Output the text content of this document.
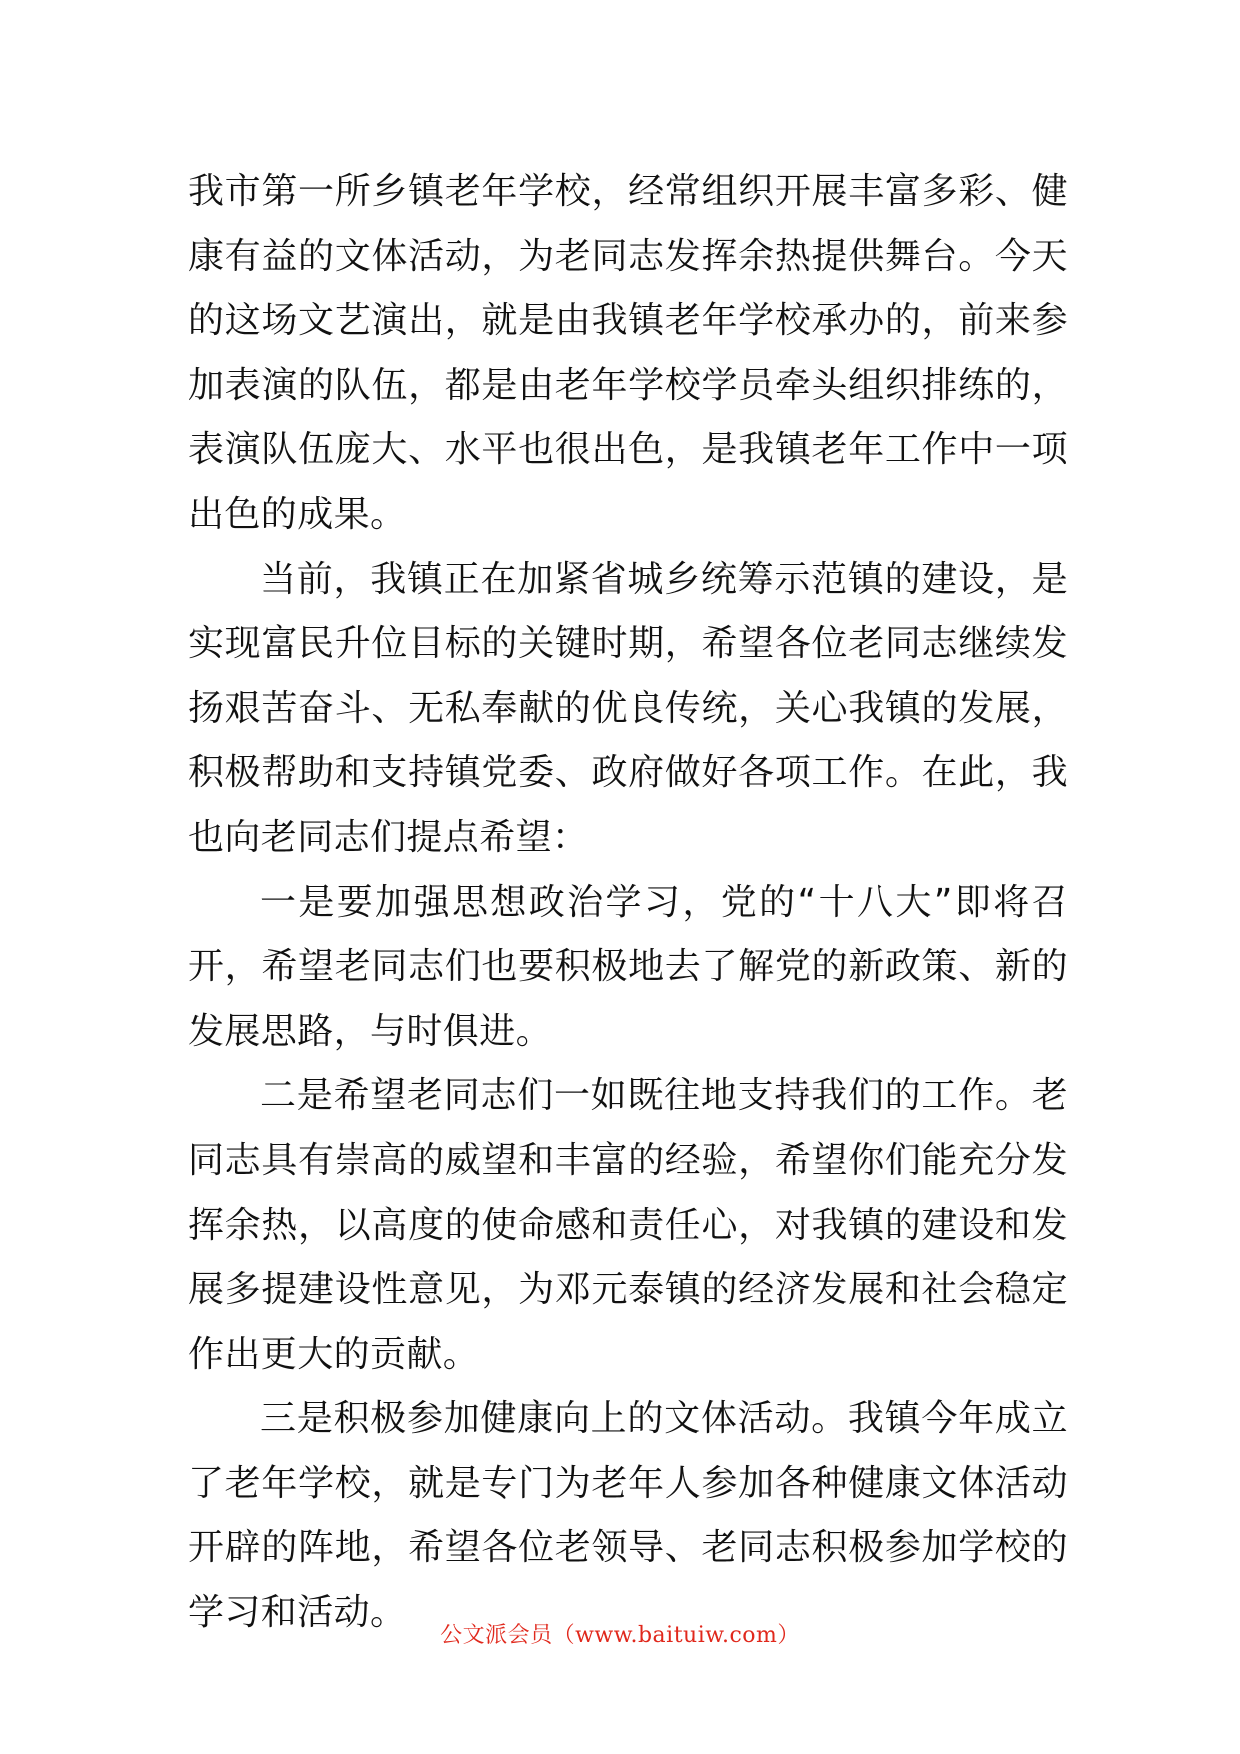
我市第一所乡镇老年学校，经常组织开展丰富多彩、健康有益的文体活动，为老同志发挥余热提供舞台。今天的这场文艺演出，就是由我镇老年学校承办的，前来参加表演的队伍，都是由老年学校学员牵头组织排练的，表演队伍庞大、水平也很出色，是我镇老年工作中一项出色的成果。

当前，我镇正在加紧省城乡统筹示范镇的建设，是实现富民升位目标的关键时期，希望各位老同志继续发扬艰苦奋斗、无私奉献的优良传统，关心我镇的发展，积极帮助和支持镇党委、政府做好各项工作。在此，我也向老同志们提点希望：

一是要加强思想政治学习，党的“十八大”即将召开，希望老同志们也要积极地去了解党的新政策、新的发展思路，与时俱进。

二是希望老同志们一如既往地支持我们的工作。老同志具有崇高的威望和丰富的经验，希望你们能充分发挥余热，以高度的使命感和责任心，对我镇的建设和发展多提建设性意见，为邓元泰镇的经济发展和社会稳定作出更大的贡献。

三是积极参加健康向上的文体活动。我镇今年成立了老年学校，就是专门为老年人参加各种健康文体活动开辟的阵地，希望各位老领导、老同志积极参加学校的学习和活动。

公文派会员（www.baituiw.com）
